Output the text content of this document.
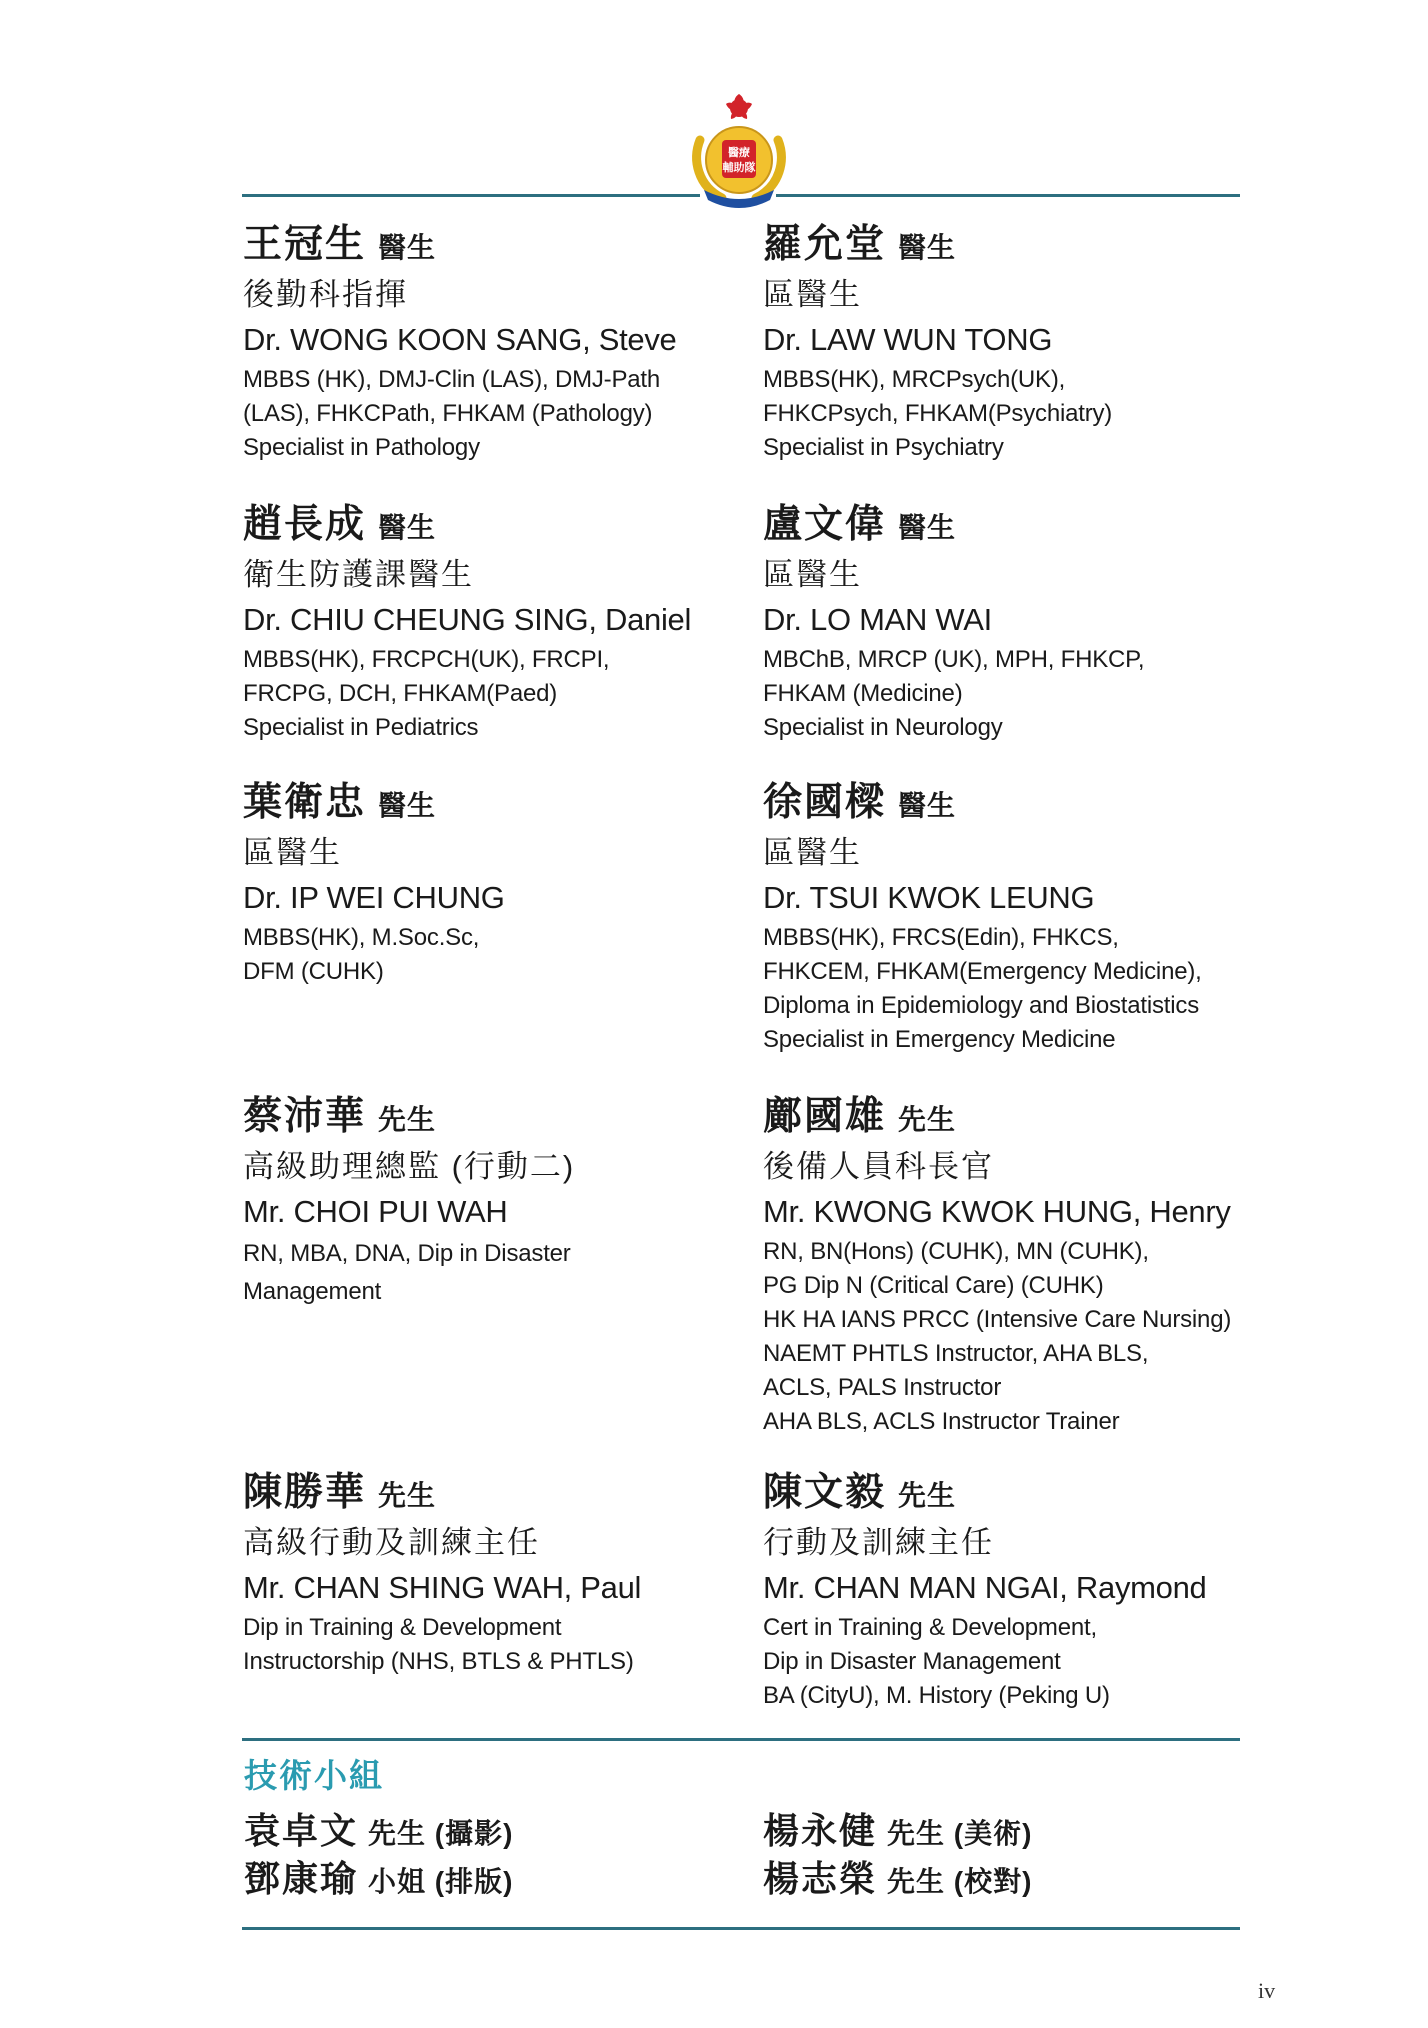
醫療
輔助隊
王冠生 醫生
後勤科指揮
Dr. WONG KOON SANG, Steve
MBBS (HK), DMJ-Clin (LAS), DMJ-Path
(LAS), FHKCPath, FHKAM (Pathology)
Specialist in Pathology
羅允堂 醫生
區醫生
Dr. LAW WUN TONG
MBBS(HK), MRCPsych(UK),
FHKCPsych, FHKAM(Psychiatry)
Specialist in Psychiatry
趙長成 醫生
衛生防護課醫生
Dr. CHIU CHEUNG SING, Daniel
MBBS(HK), FRCPCH(UK), FRCPI,
FRCPG, DCH, FHKAM(Paed)
Specialist in Pediatrics
盧文偉 醫生
區醫生
Dr. LO MAN WAI
MBChB, MRCP (UK), MPH, FHKCP,
FHKAM (Medicine)
Specialist in Neurology
葉衛忠 醫生
區醫生
Dr. IP WEI CHUNG
MBBS(HK), M.Soc.Sc,
DFM (CUHK)
徐國樑 醫生
區醫生
Dr. TSUI KWOK LEUNG
MBBS(HK), FRCS(Edin), FHKCS,
FHKCEM, FHKAM(Emergency Medicine),
Diploma in Epidemiology and Biostatistics
Specialist in Emergency Medicine
蔡沛華 先生
高級助理總監 (行動二)
Mr. CHOI PUI WAH
RN, MBA, DNA, Dip in Disaster
Management
鄺國雄 先生
後備人員科長官
Mr. KWONG KWOK HUNG, Henry
RN, BN(Hons) (CUHK), MN (CUHK),
PG Dip N (Critical Care) (CUHK)
HK HA IANS PRCC (Intensive Care Nursing)
NAEMT PHTLS Instructor, AHA BLS,
ACLS, PALS Instructor
AHA BLS, ACLS Instructor Trainer
陳勝華 先生
高級行動及訓練主任
Mr. CHAN SHING WAH, Paul
Dip in Training & Development
Instructorship (NHS, BTLS & PHTLS)
陳文毅 先生
行動及訓練主任
Mr. CHAN MAN NGAI, Raymond
Cert in Training & Development,
Dip in Disaster Management
BA (CityU), M. History (Peking U)
技術小組
袁卓文 先生 (攝影)	楊永健 先生 (美術)
鄧康瑜 小姐 (排版)	楊志榮 先生 (校對)
iv
